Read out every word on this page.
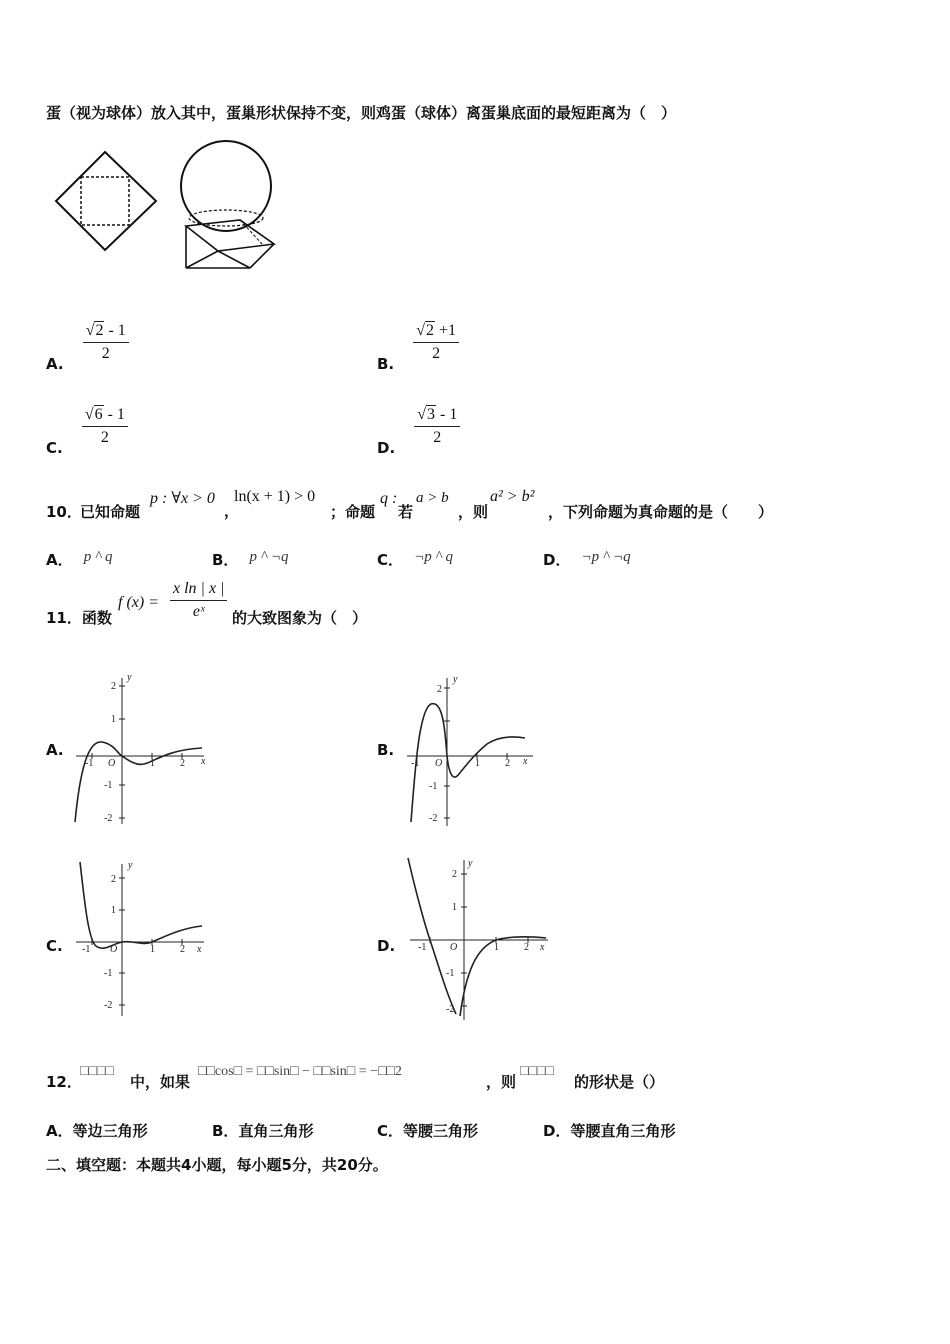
蛋（视为球体）放入其中，蛋巢形状保持不变，则鸡蛋（球体）离蛋巢底面的最短距离为（　）
A.
$\frac{√2 - 1}{2}$
B.
$\frac{√2 +1}{2}$
C.
$\frac{√6 - 1}{2}$
D.
$\frac{√3 - 1}{2}$
10．
已知命题
p : ∀x > 0
，
ln(x + 1) > 0
；命题
q :
若
a > b
，则
a² > b²
，下列命题为真命题的是（　　）
A． p ^ q	B． p ^ ¬q	C． ¬p ^ q	D． ¬p ^ ¬q
11．函数
f $(x) = \frac{\text{x ln | x |}}{\text{eˣ}}$ 的大致图象为（　）
A.
y
x
O
2
1
-1
-2
-1	1	2
B.
y
x
O
2
-1
-2
-1	1	2
C.
y
x
O
2
1
-1
-2
-1	1	2	D.
y
x
O
2
1
-1
-2
-1	1	2
12．
□□□□
中，如果
□□cos□ = □□sin□ − □□sin□ = −□□2
，则
□□□□
的形状是（）
A．等边三角形	B．直角三角形	C．等腰三角形	D．等腰直角三角形
二、填空题：本题共4小题，每小题5分，共20分。
